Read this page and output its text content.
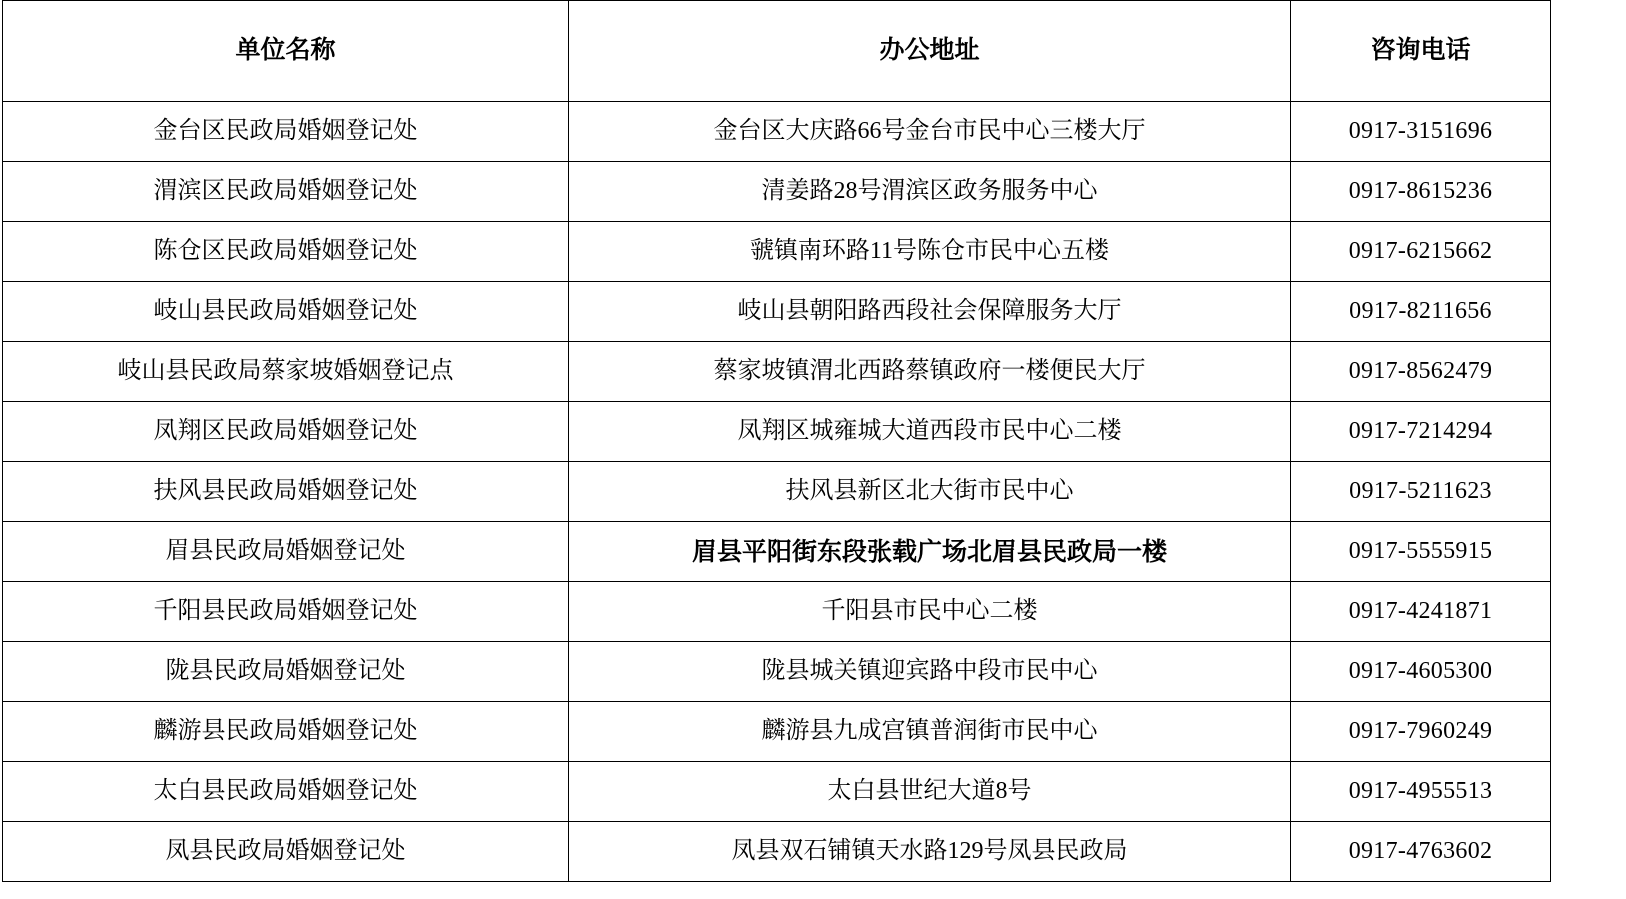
单位名称	办公地址	咨询电话
金台区民政局婚姻登记处	金台区大庆路66号金台市民中心三楼大厅	0917-3151696
渭滨区民政局婚姻登记处	清姜路28号渭滨区政务服务中心	0917-8615236
陈仓区民政局婚姻登记处	虢镇南环路11号陈仓市民中心五楼	0917-6215662
岐山县民政局婚姻登记处	岐山县朝阳路西段社会保障服务大厅	0917-8211656
岐山县民政局蔡家坡婚姻登记点	蔡家坡镇渭北西路蔡镇政府一楼便民大厅	0917-8562479
凤翔区民政局婚姻登记处	凤翔区城雍城大道西段市民中心二楼	0917-7214294
扶风县民政局婚姻登记处	扶风县新区北大街市民中心	0917-5211623
眉县民政局婚姻登记处	眉县平阳街东段张载广场北眉县民政局一楼	0917-5555915
千阳县民政局婚姻登记处	千阳县市民中心二楼	0917-4241871
陇县民政局婚姻登记处	陇县城关镇迎宾路中段市民中心	0917-4605300
麟游县民政局婚姻登记处	麟游县九成宫镇普润街市民中心	0917-7960249
太白县民政局婚姻登记处	太白县世纪大道8号	0917-4955513
凤县民政局婚姻登记处	凤县双石铺镇天水路129号凤县民政局	0917-4763602
